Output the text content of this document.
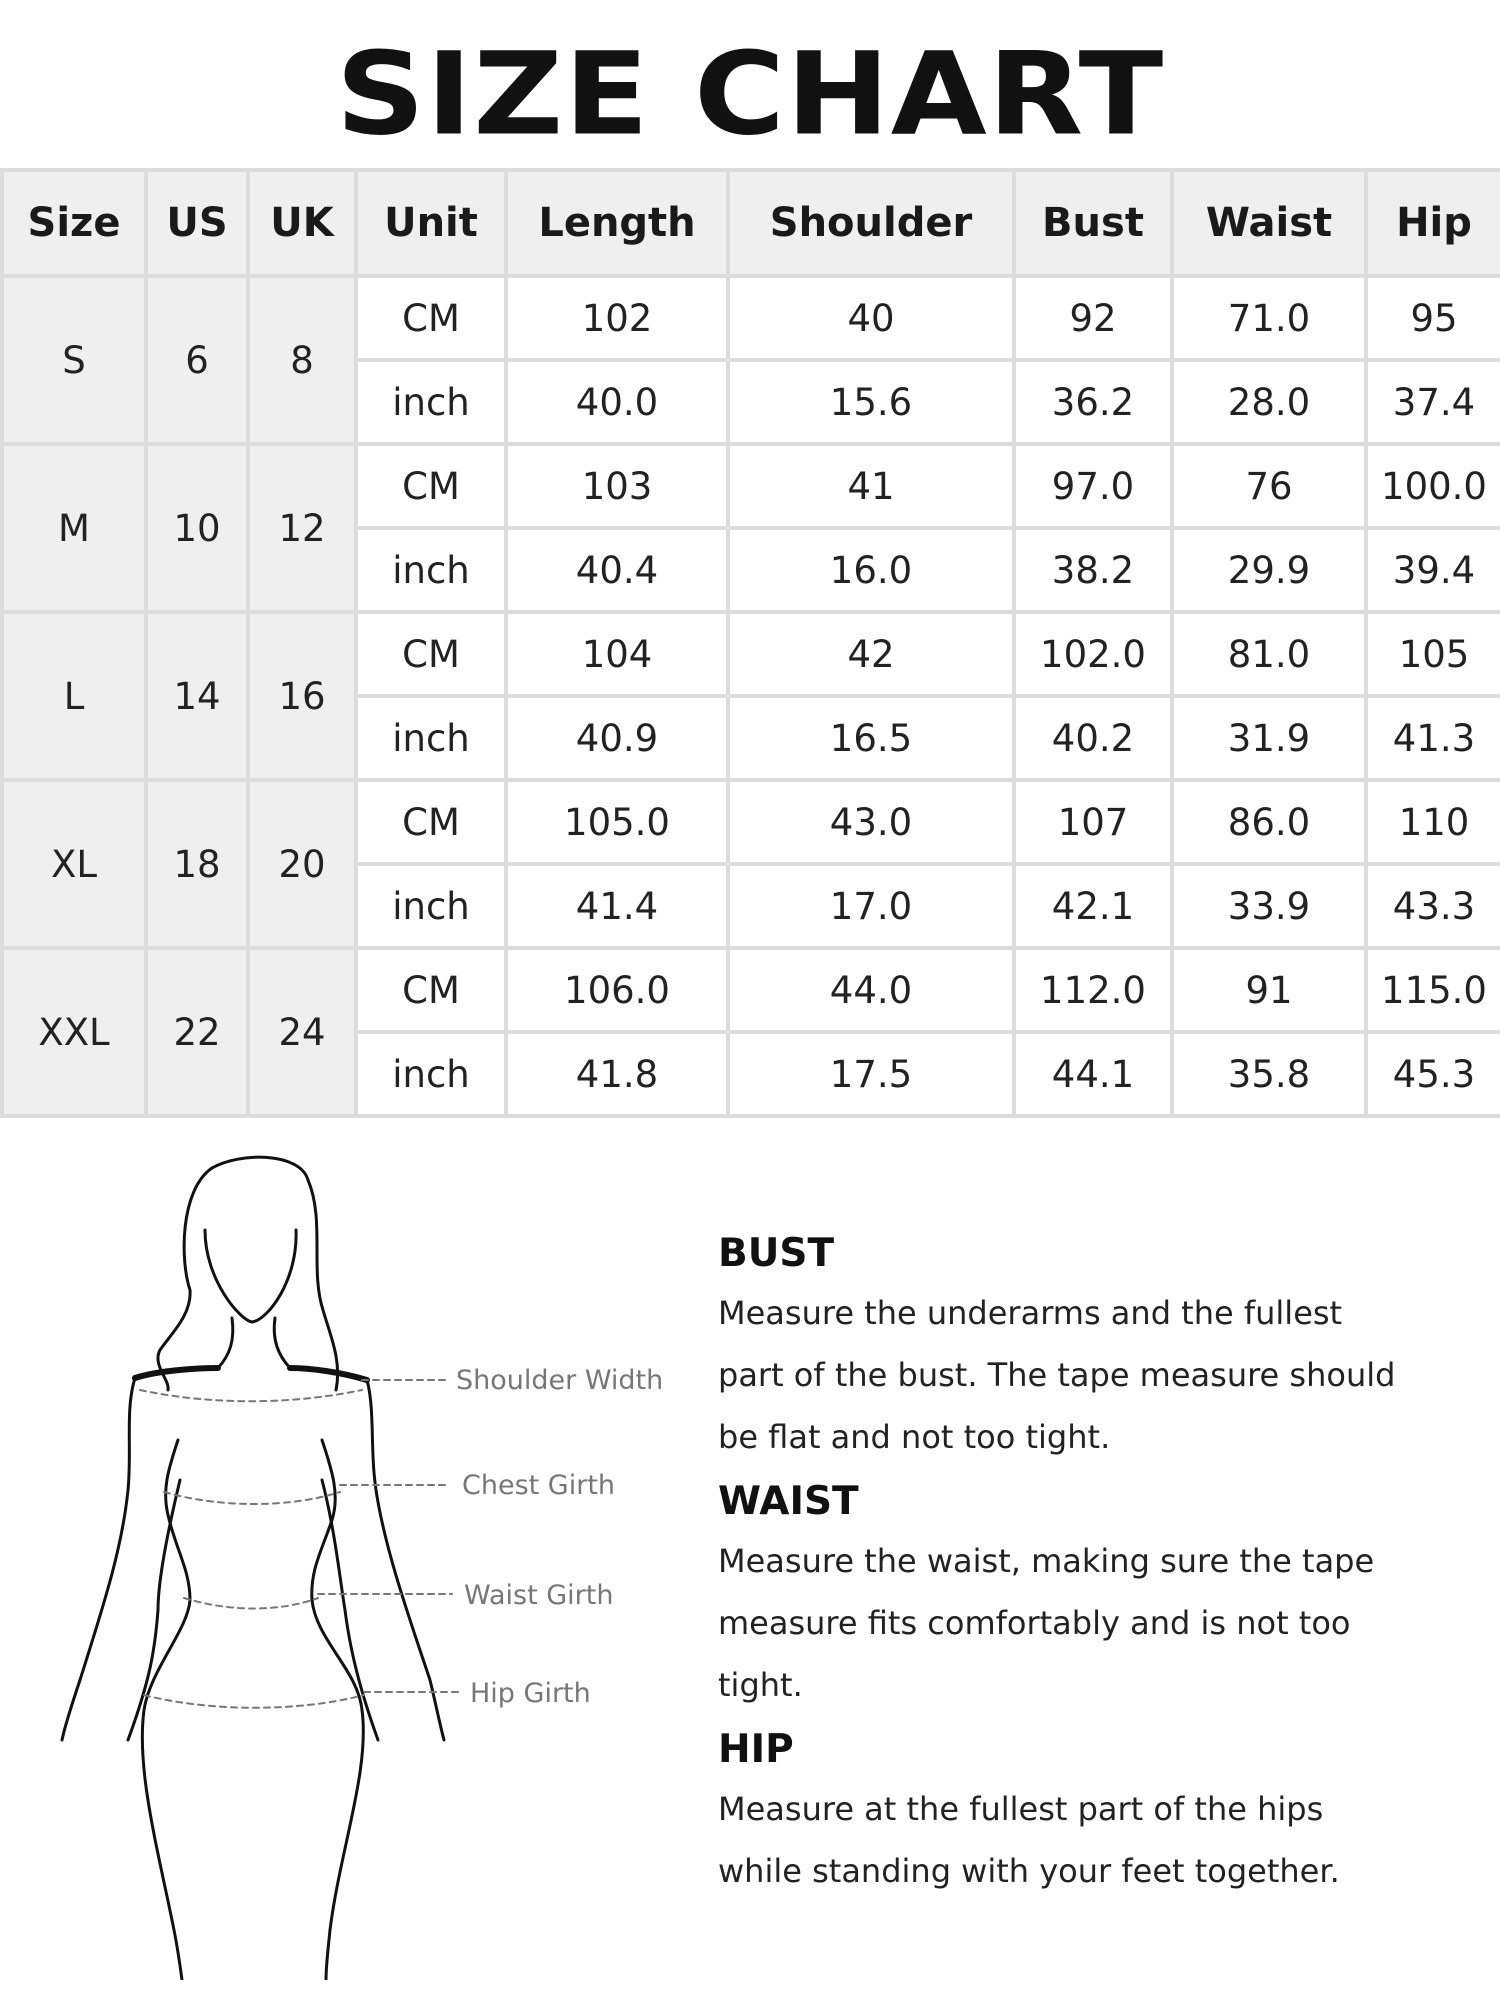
SIZE CHART
Size	US	UK	Unit	Length	Shoulder	Bust	Waist	Hip
S	6	8	CM	102	40	92	71.0	95
			inch	40.0	15.6	36.2	28.0	37.4
M	10	12	CM	103	41	97.0	76	100.0
			inch	40.4	16.0	38.2	29.9	39.4
L	14	16	CM	104	42	102.0	81.0	105
			inch	40.9	16.5	40.2	31.9	41.3
XL	18	20	CM	105.0	43.0	107	86.0	110
			inch	41.4	17.0	42.1	33.9	43.3
XXL	22	24	CM	106.0	44.0	112.0	91	115.0
			inch	41.8	17.5	44.1	35.8	45.3
Shoulder Width
Chest Girth
Waist Girth
Hip Girth
BUST
Measure the underarms and the fullest
part of the bust. The tape measure should
be flat and not too tight.
WAIST
Measure the waist, making sure the tape
measure fits comfortably and is not too
tight.
HIP
Measure at the fullest part of the hips
while standing with your feet together.
